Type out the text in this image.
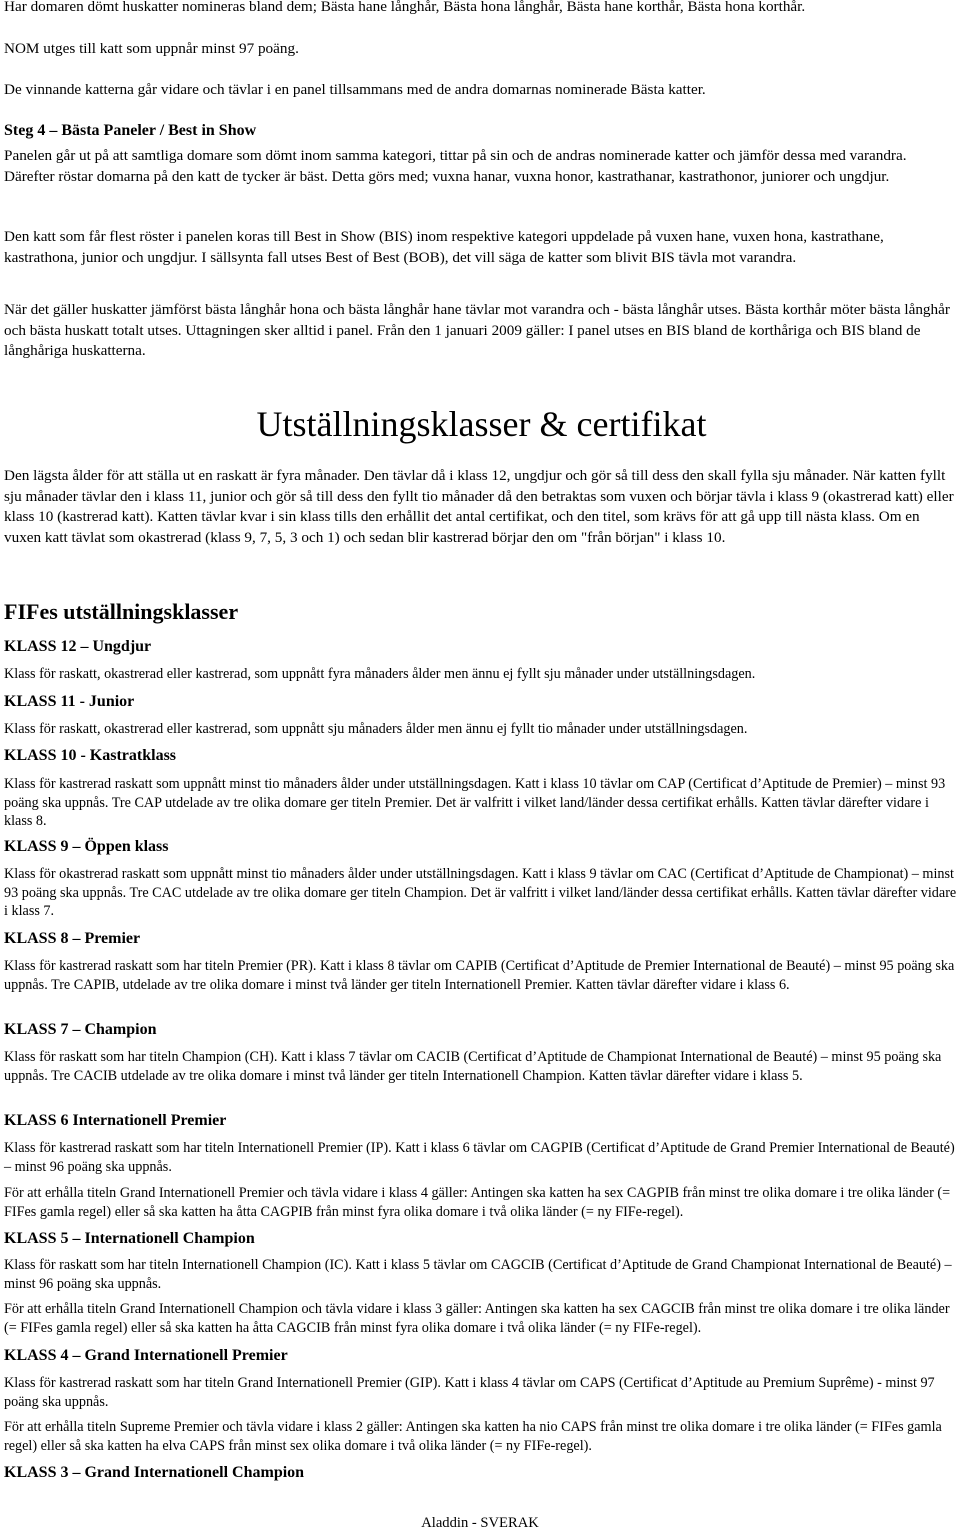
Har domaren dömt huskatter nomineras bland dem; Bästa hane långhår, Bästa hona långhår, Bästa hane korthår, Bästa hona korthår.

NOM utges till katt som uppnår minst 97 poäng.

De vinnande katterna går vidare och tävlar i en panel tillsammans med de andra domarnas nominerade Bästa katter.

Steg 4 – Bästa Paneler / Best in Show

Panelen går ut på att samtliga domare som dömt inom samma kategori, tittar på sin och de andras nominerade katter och jämför dessa med varandra. Därefter röstar domarna på den katt de tycker är bäst. Detta görs med; vuxna hanar, vuxna honor, kastrathanar, kastrathonor, juniorer och ungdjur.

Den katt som får flest röster i panelen koras till Best in Show (BIS) inom respektive kategori uppdelade på vuxen hane, vuxen hona, kastrathane, kastrathona, junior och ungdjur. I sällsynta fall utses Best of Best (BOB), det vill säga de katter som blivit BIS tävla mot varandra.

När det gäller huskatter jämförst bästa långhår hona och bästa långhår hane tävlar mot varandra och - bästa långhår utses. Bästa korthår möter bästa långhår och bästa huskatt totalt utses. Uttagningen sker alltid i panel. Från den 1 januari 2009 gäller: I panel utses en BIS bland de korthåriga och BIS bland de långhåriga huskatterna.

Utställningsklasser & certifikat

Den lägsta ålder för att ställa ut en raskatt är fyra månader. Den tävlar då i klass 12, ungdjur och gör så till dess den skall fylla sju månader. När katten fyllt sju månader tävlar den i klass 11, junior och gör så till dess den fyllt tio månader då den betraktas som vuxen och börjar tävla i klass 9 (okastrerad katt) eller klass 10 (kastrerad katt). Katten tävlar kvar i sin klass tills den erhållit det antal certifikat, och den titel, som krävs för att gå upp till nästa klass. Om en vuxen katt tävlat som okastrerad (klass 9, 7, 5, 3 och 1) och sedan blir kastrerad börjar den om "från början" i klass 10.

FIFes utställningsklasser

KLASS 12 – Ungdjur

Klass för raskatt, okastrerad eller kastrerad, som uppnått fyra månaders ålder men ännu ej fyllt sju månader under utställningsdagen.

KLASS 11 - Junior

Klass för raskatt, okastrerad eller kastrerad, som uppnått sju månaders ålder men ännu ej fyllt tio månader under utställningsdagen.

KLASS 10 - Kastratklass

Klass för kastrerad raskatt som uppnått minst tio månaders ålder under utställningsdagen. Katt i klass 10 tävlar om CAP (Certificat d’Aptitude de Premier) – minst 93 poäng ska uppnås. Tre CAP utdelade av tre olika domare ger titeln Premier. Det är valfritt i vilket land/länder dessa certifikat erhålls. Katten tävlar därefter vidare i klass 8.

KLASS 9 – Öppen klass

Klass för okastrerad raskatt som uppnått minst tio månaders ålder under utställningsdagen. Katt i klass 9 tävlar om CAC (Certificat d’Aptitude de Championat) – minst 93 poäng ska uppnås. Tre CAC utdelade av tre olika domare ger titeln Champion. Det är valfritt i vilket land/länder dessa certifikat erhålls. Katten tävlar därefter vidare i klass 7.

KLASS 8 – Premier

Klass för kastrerad raskatt som har titeln Premier (PR). Katt i klass 8 tävlar om CAPIB (Certificat d’Aptitude de Premier International de Beauté) – minst 95 poäng ska uppnås. Tre CAPIB, utdelade av tre olika domare i minst två länder ger titeln Internationell Premier. Katten tävlar därefter vidare i klass 6.

KLASS 7 – Champion

Klass för raskatt som har titeln Champion (CH). Katt i klass 7 tävlar om CACIB (Certificat d’Aptitude de Championat International de Beauté) – minst 95 poäng ska uppnås. Tre CACIB utdelade av tre olika domare i minst två länder ger titeln Internationell Champion. Katten tävlar därefter vidare i klass 5.

KLASS 6 Internationell Premier

Klass för kastrerad raskatt som har titeln Internationell Premier (IP). Katt i klass 6 tävlar om CAGPIB (Certificat d’Aptitude de Grand Premier International de Beauté) – minst 96 poäng ska uppnås.

För att erhålla titeln Grand Internationell Premier och tävla vidare i klass 4 gäller: Antingen ska katten ha sex CAGPIB från minst tre olika domare i tre olika länder (= FIFes gamla regel) eller så ska katten ha åtta CAGPIB från minst fyra olika domare i två olika länder (= ny FIFe-regel).

KLASS 5 – Internationell Champion

Klass för raskatt som har titeln Internationell Champion (IC). Katt i klass 5 tävlar om CAGCIB (Certificat d’Aptitude de Grand Championat International de Beauté) – minst 96 poäng ska uppnås.

För att erhålla titeln Grand Internationell Champion och tävla vidare i klass 3 gäller: Antingen ska katten ha sex CAGCIB från minst tre olika domare i tre olika länder (= FIFes gamla regel) eller så ska katten ha åtta CAGCIB från minst fyra olika domare i två olika länder (= ny FIFe-regel).

KLASS 4 – Grand Internationell Premier

Klass för kastrerad raskatt som har titeln Grand Internationell Premier (GIP). Katt i klass 4 tävlar om CAPS (Certificat d’Aptitude au Premium Suprême) - minst 97 poäng ska uppnås.

För att erhålla titeln Supreme Premier och tävla vidare i klass 2 gäller: Antingen ska katten ha nio CAPS från minst tre olika domare i tre olika länder (= FIFes gamla regel) eller så ska katten ha elva CAPS från minst sex olika domare i två olika länder (= ny FIFe-regel).

KLASS 3 – Grand Internationell Champion

Aladdin - SVERAK
